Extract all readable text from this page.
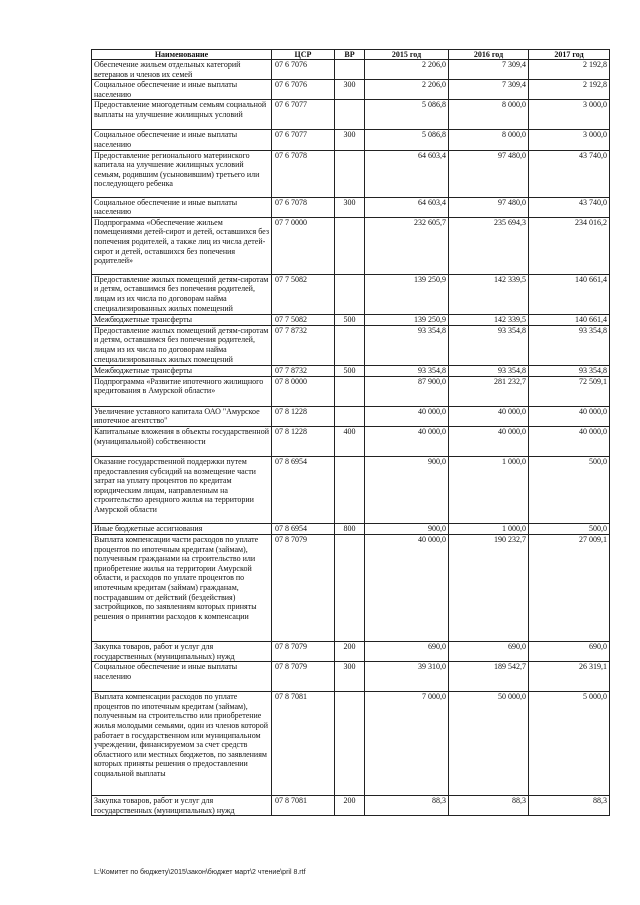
Наименование	ЦСР	ВР	2015 год	2016 год	2017 год
Обеспечение жильем отдельных категорий ветеранов и членов их семей	07 6 7076		2 206,0	7 309,4	2 192,8
Социальное обеспечение и иные выплаты населению	07 6 7076	300	2 206,0	7 309,4	2 192,8
Предоставление многодетным семьям социальной выплаты на улучшение жилищных условий	07 6 7077		5 086,8	8 000,0	3 000,0
Социальное обеспечение и иные выплаты населению	07 6 7077	300	5 086,8	8 000,0	3 000,0
Предоставление регионального материнского капитала на улучшение жилищных условий семьям, родившим (усыновившим) третьего или последующего ребенка	07 6 7078		64 603,4	97 480,0	43 740,0
Социальное обеспечение и иные выплаты населению	07 6 7078	300	64 603,4	97 480,0	43 740,0
Подпрограмма «Обеспечение жильем помещениями детей-сирот и детей, оставшихся без попечения родителей, а также лиц из числа детей-сирот и детей, оставшихся без попечения родителей»	07 7 0000		232 605,7	235 694,3	234 016,2
Предоставление жилых помещений детям-сиротам и детям, оставшимся без попечения родителей, лицам из их числа по договорам найма специализированных жилых помещений	07 7 5082		139 250,9	142 339,5	140 661,4
Межбюджетные трансферты	07 7 5082	500	139 250,9	142 339,5	140 661,4
Предоставление жилых помещений детям-сиротам и детям, оставшимся без попечения родителей, лицам из их числа по договорам найма специализированных жилых помещений	07 7 8732		93 354,8	93 354,8	93 354,8
Межбюджетные трансферты	07 7 8732	500	93 354,8	93 354,8	93 354,8
Подпрограмма «Развитие ипотечного жилищного кредитования в Амурской области»	07 8 0000		87 900,0	281 232,7	72 509,1
Увеличение уставного капитала ОАО "Амурское ипотечное агентство"	07 8 1228		40 000,0	40 000,0	40 000,0
Капитальные вложения в объекты государственной (муниципальной) собственности	07 8 1228	400	40 000,0	40 000,0	40 000,0
Оказание государственной поддержки путем предоставления субсидий на возмещение части затрат на уплату процентов по кредитам юридическим лицам, направленным на строительство арендного жилья на территории Амурской области	07 8 6954		900,0	1 000,0	500,0
Иные бюджетные ассигнования	07 8 6954	800	900,0	1 000,0	500,0
Выплата компенсации части расходов по уплате процентов по ипотечным кредитам (займам), полученным гражданами на строительство или приобретение жилья на территории Амурской области, и расходов по уплате процентов по ипотечным кредитам (займам) гражданам, пострадавшим от действий (бездействия) застройщиков, по заявлениям которых приняты решения о принятии расходов к компенсации	07 8 7079		40 000,0	190 232,7	27 009,1
Закупка товаров, работ и услуг для государственных (муниципальных) нужд	07 8 7079	200	690,0	690,0	690,0
Социальное обеспечение и иные выплаты населению	07 8 7079	300	39 310,0	189 542,7	26 319,1
Выплата компенсации расходов по уплате процентов по ипотечным кредитам (займам), полученным на строительство или приобретение жилья молодыми семьями, один из членов которой работает в государственном или муниципальном учреждении, финансируемом за счет средств областного или местных бюджетов, по заявлениям которых приняты решения о предоставлении социальной выплаты	07 8 7081		7 000,0	50 000,0	5 000,0
Закупка товаров, работ и услуг для государственных (муниципальных) нужд	07 8 7081	200	88,3	88,3	88,3
L:\Комитет по бюджету\2015\закон\бюджет март\2 чтение\pril 8.rtf
